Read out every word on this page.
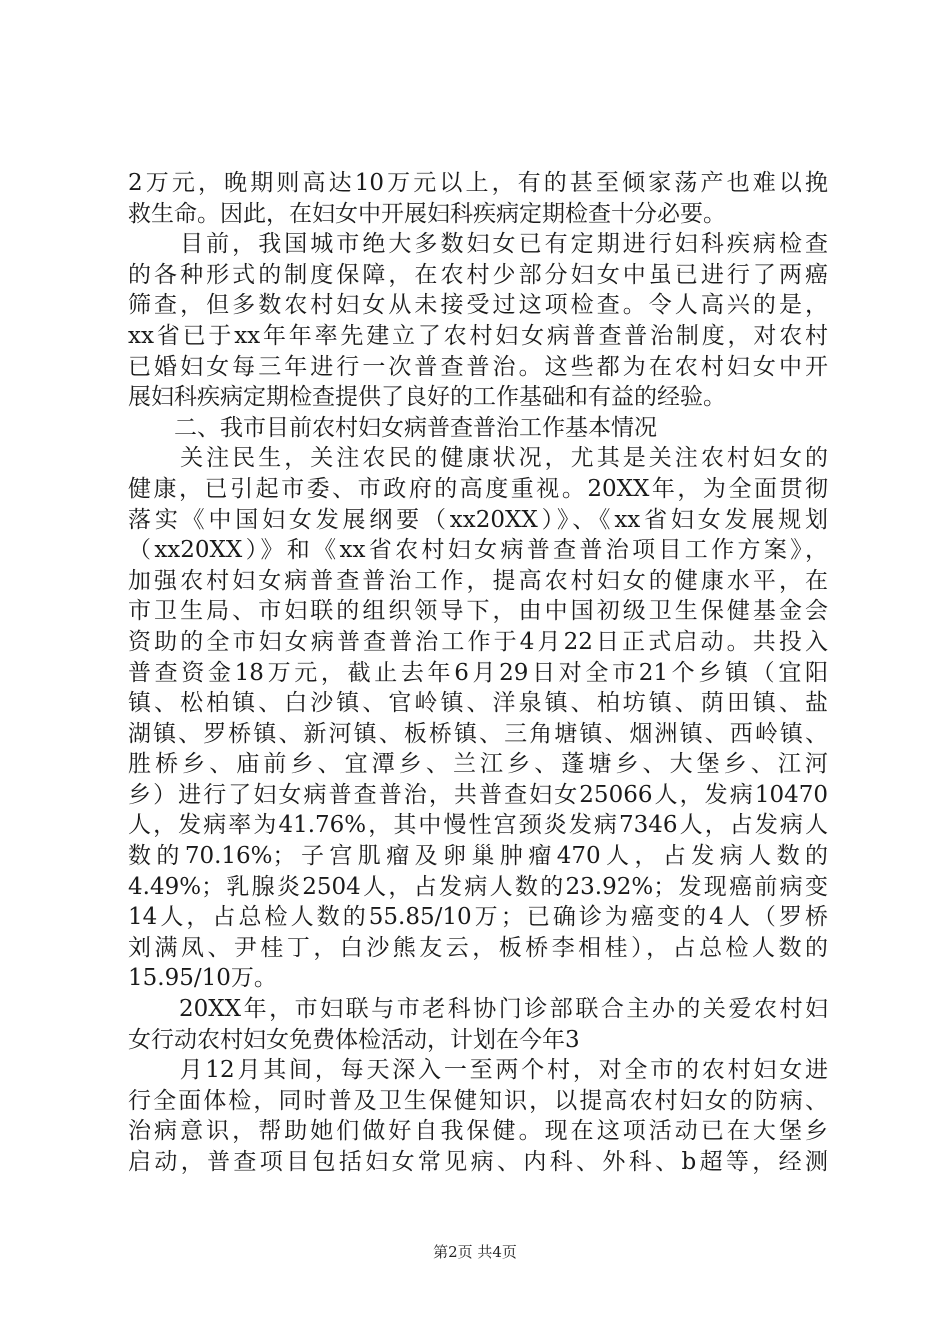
2万元，晚期则高达10万元以上，有的甚至倾家荡产也难以挽
救生命。因此，在妇女中开展妇科疾病定期检查十分必要。
　　目前，我国城市绝大多数妇女已有定期进行妇科疾病检查
的各种形式的制度保障，在农村少部分妇女中虽已进行了两癌
筛查，但多数农村妇女从未接受过这项检查。令人高兴的是，
xx省已于xx年年率先建立了农村妇女病普查普治制度，对农村
已婚妇女每三年进行一次普查普治。这些都为在农村妇女中开
展妇科疾病定期检查提供了良好的工作基础和有益的经验。
　　二、我市目前农村妇女病普查普治工作基本情况
　　关注民生，关注农民的健康状况，尤其是关注农村妇女的
健康，已引起市委、市政府的高度重视。20XX年，为全面贯彻
落实《中国妇女发展纲要（xx20XX）》、《xx省妇女发展规划
（xx20XX）》和《xx省农村妇女病普查普治项目工作方案》，
加强农村妇女病普查普治工作，提高农村妇女的健康水平，在
市卫生局、市妇联的组织领导下，由中国初级卫生保健基金会
资助的全市妇女病普查普治工作于4月22日正式启动。共投入
普查资金18万元，截止去年6月29日对全市21个乡镇（宜阳
镇、松柏镇、白沙镇、官岭镇、洋泉镇、柏坊镇、荫田镇、盐
湖镇、罗桥镇、新河镇、板桥镇、三角塘镇、烟洲镇、西岭镇、
胜桥乡、庙前乡、宜潭乡、兰江乡、蓬塘乡、大堡乡、江河
乡）进行了妇女病普查普治，共普查妇女25066人，发病10470
人，发病率为41.76%，其中慢性宫颈炎发病7346人，占发病人
数的70.16%；子宫肌瘤及卵巢肿瘤470人，占发病人数的
4.49%；乳腺炎2504人，占发病人数的23.92%；发现癌前病变
14人，占总检人数的55.85/10万；已确诊为癌变的4人（罗桥
刘满凤、尹桂丁，白沙熊友云，板桥李相桂），占总检人数的
15.95/10万。
　　20XX年，市妇联与市老科协门诊部联合主办的关爱农村妇
女行动农村妇女免费体检活动，计划在今年3
　　月12月其间，每天深入一至两个村，对全市的农村妇女进
行全面体检，同时普及卫生保健知识，以提高农村妇女的防病、
治病意识，帮助她们做好自我保健。现在这项活动已在大堡乡
启动，普查项目包括妇女常见病、内科、外科、b超等，经测
第2页 共4页
